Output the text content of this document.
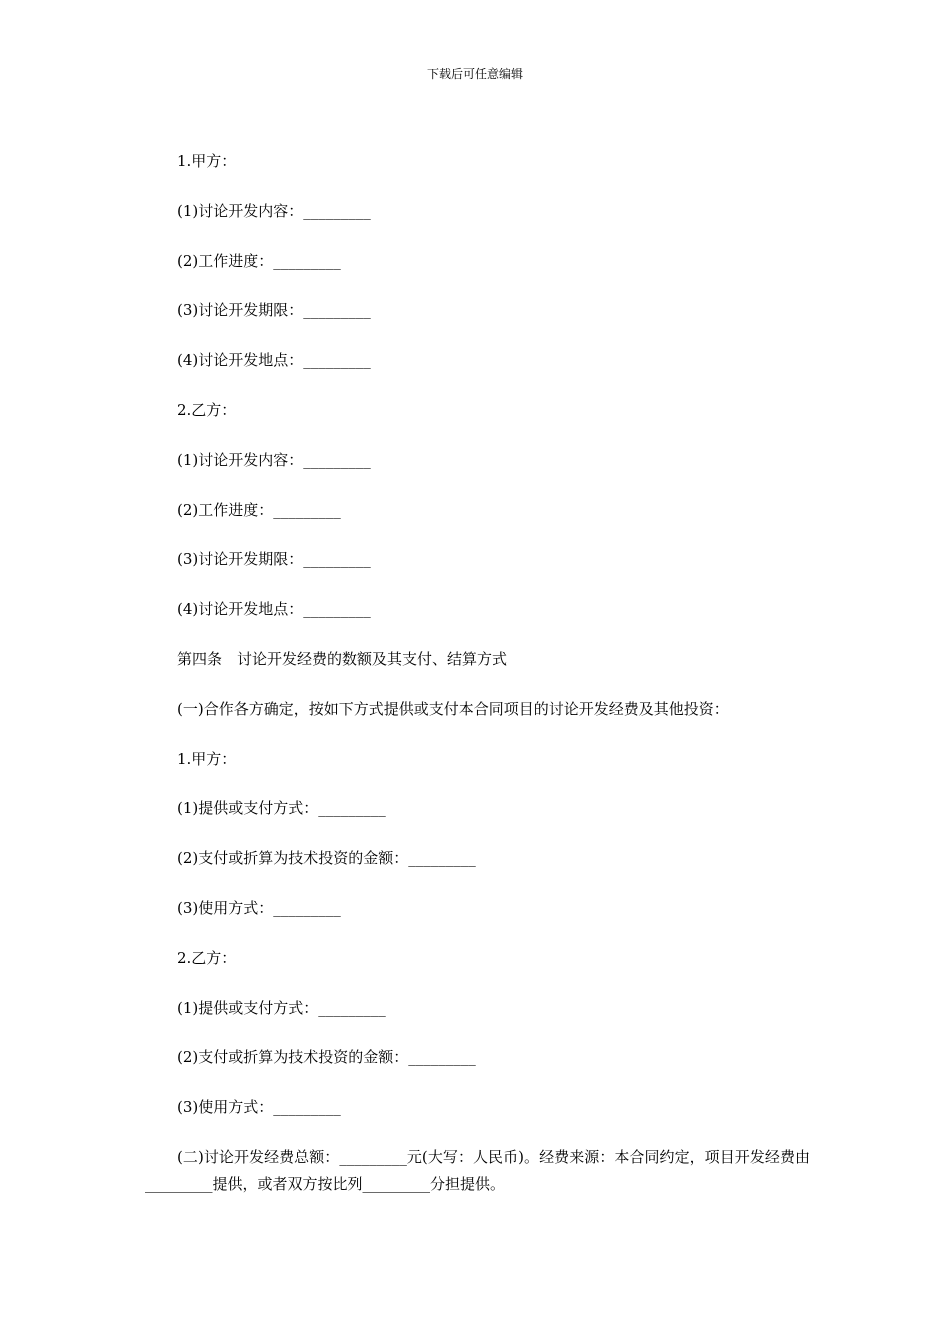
下载后可任意编辑
1.甲方：
(1)讨论开发内容：_________
(2)工作进度：_________
(3)讨论开发期限：_________
(4)讨论开发地点：_________
2.乙方：
(1)讨论开发内容：_________
(2)工作进度：_________
(3)讨论开发期限：_________
(4)讨论开发地点：_________
第四条　讨论开发经费的数额及其支付、结算方式
(一)合作各方确定，按如下方式提供或支付本合同项目的讨论开发经费及其他投资：
1.甲方：
(1)提供或支付方式：_________
(2)支付或折算为技术投资的金额：_________
(3)使用方式：_________
2.乙方：
(1)提供或支付方式：_________
(2)支付或折算为技术投资的金额：_________
(3)使用方式：_________
(二)讨论开发经费总额：_________元(大写：人民币)。经费来源：本合同约定，项目开发经费由_________提供，或者双方按比列_________分担提供。
